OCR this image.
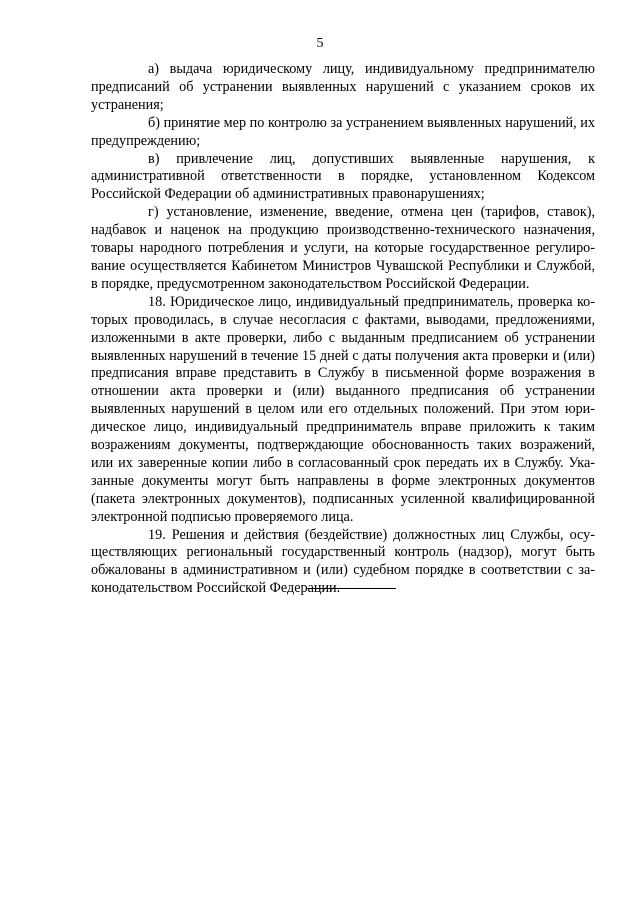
5

а) выдача юридическому лицу, индивидуальному предпринимателю предписаний об устранении выявленных нарушений с указанием сроков их устранения;

б) принятие мер по контролю за устранением выявленных нарушений, их предупреждению;

в) привлечение лиц, допустивших выявленные нарушения, к административной ответственности в порядке, установленном Кодексом Российской Федерации об административных правонарушениях;

г) установление, изменение, введение, отмена цен (тарифов, ставок), надбавок и наценок на продукцию производственно-технического назначения, товары народного потребления и услуги, на которые государственное регулирование осуществляется Кабинетом Министров Чувашской Республики и Службой, в порядке, предусмотренном законодательством Российской Федерации.

18. Юридическое лицо, индивидуальный предприниматель, проверка которых проводилась, в случае несогласия с фактами, выводами, предложениями, изложенными в акте проверки, либо с выданным предписанием об устранении выявленных нарушений в течение 15 дней с даты получения акта проверки и (или) предписания вправе представить в Службу в письменной форме возражения в отношении акта проверки и (или) выданного предписания об устранении выявленных нарушений в целом или его отдельных положений. При этом юридическое лицо, индивидуальный предприниматель вправе приложить к таким возражениям документы, подтверждающие обоснованность таких возражений, или их заверенные копии либо в согласованный срок передать их в Службу. Указанные документы могут быть направлены в форме электронных документов (пакета электронных документов), подписанных усиленной квалифицированной электронной подписью проверяемого лица.

19. Решения и действия (бездействие) должностных лиц Службы, осуществляющих региональный государственный контроль (надзор), могут быть обжалованы в административном и (или) судебном порядке в соответствии с законодательством Российской Федерации.
